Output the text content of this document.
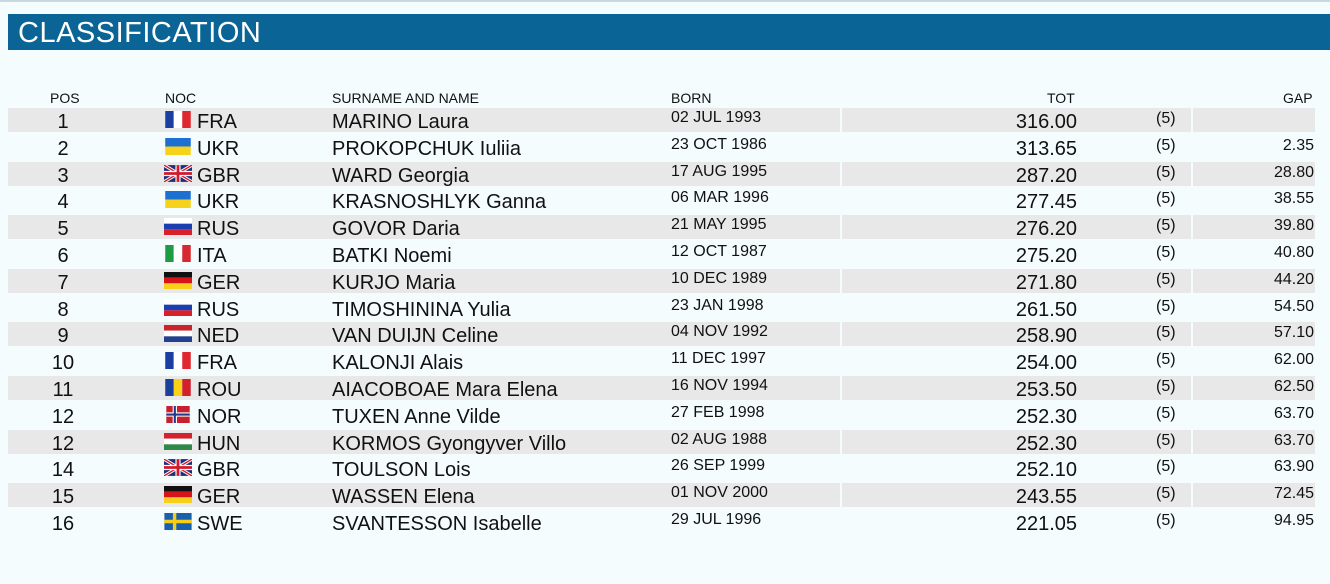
CLASSIFICATION
POS	NOC	SURNAME AND NAME	BORN	TOT	GAP
1	FRA	MARINO Laura	02 JUL 1993	316.00	(5)
2	UKR	PROKOPCHUK Iuliia	23 OCT 1986	313.65	(5)	2.35
3	GBR	WARD Georgia	17 AUG 1995	287.20	(5)	28.80
4	UKR	KRASNOSHLYK Ganna	06 MAR 1996	277.45	(5)	38.55
5	RUS	GOVOR Daria	21 MAY 1995	276.20	(5)	39.80
6	ITA	BATKI Noemi	12 OCT 1987	275.20	(5)	40.80
7	GER	KURJO Maria	10 DEC 1989	271.80	(5)	44.20
8	RUS	TIMOSHININA Yulia	23 JAN 1998	261.50	(5)	54.50
9	NED	VAN DUIJN Celine	04 NOV 1992	258.90	(5)	57.10
10	FRA	KALONJI Alais	11 DEC 1997	254.00	(5)	62.00
11	ROU	AIACOBOAE Mara Elena	16 NOV 1994	253.50	(5)	62.50
12	NOR	TUXEN Anne Vilde	27 FEB 1998	252.30	(5)	63.70
12	HUN	KORMOS Gyongyver Villo	02 AUG 1988	252.30	(5)	63.70
14	GBR	TOULSON Lois	26 SEP 1999	252.10	(5)	63.90
15	GER	WASSEN Elena	01 NOV 2000	243.55	(5)	72.45
16	SWE	SVANTESSON Isabelle	29 JUL 1996	221.05	(5)	94.95
